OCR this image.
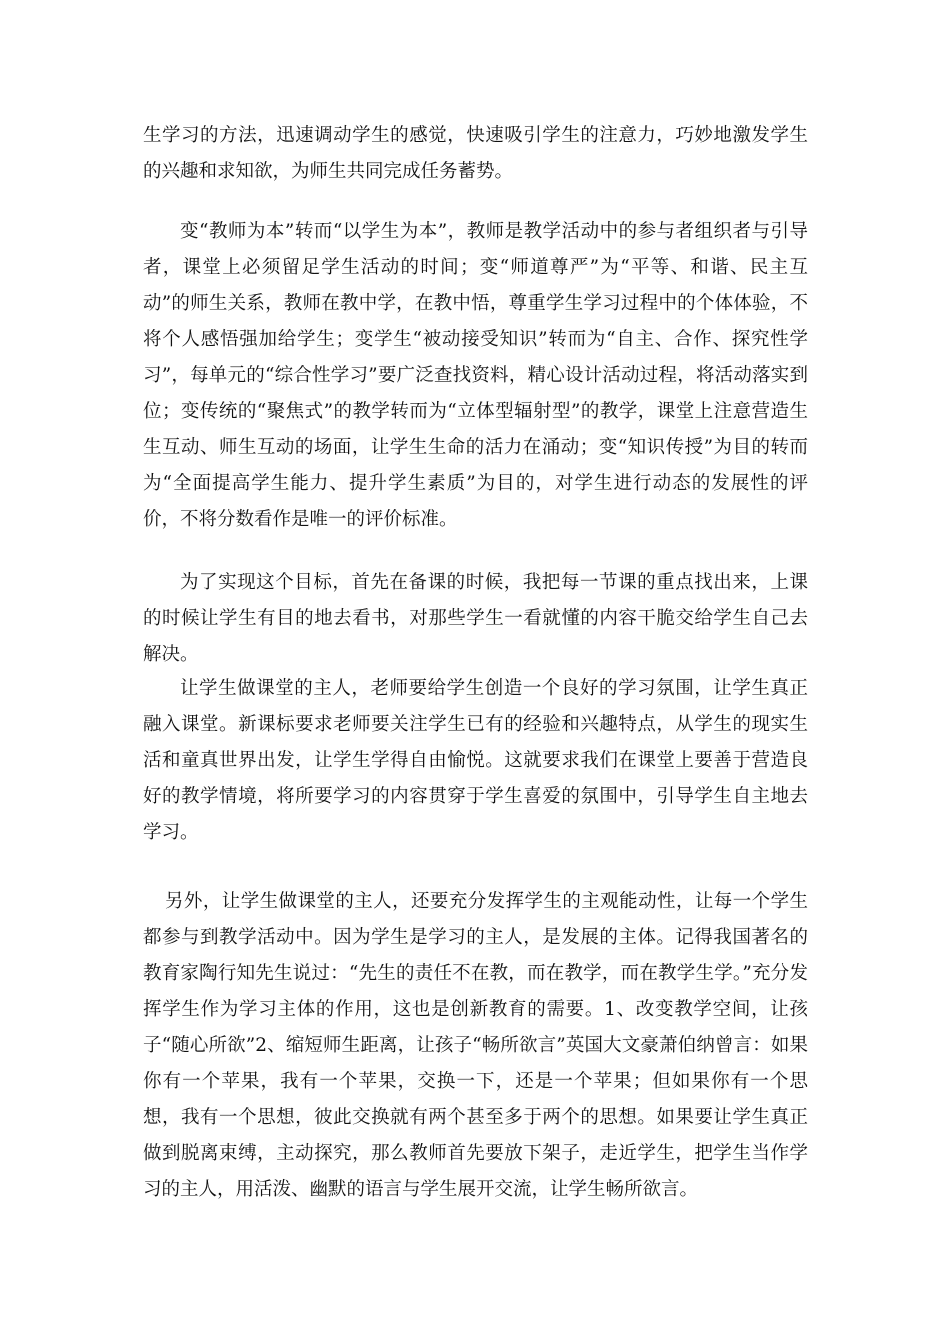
生学习的方法，迅速调动学生的感觉，快速吸引学生的注意力，巧妙地激发学生的兴趣和求知欲，为师生共同完成任务蓄势。

变“教师为本”转而“以学生为本”，教师是教学活动中的参与者组织者与引导者，课堂上必须留足学生活动的时间；变“师道尊严”为“平等、和谐、民主互动”的师生关系，教师在教中学，在教中悟，尊重学生学习过程中的个体体验，不将个人感悟强加给学生；变学生“被动接受知识”转而为“自主、合作、探究性学习”，每单元的“综合性学习”要广泛查找资料，精心设计活动过程，将活动落实到位；变传统的“聚焦式”的教学转而为“立体型辐射型”的教学，课堂上注意营造生生互动、师生互动的场面，让学生生命的活力在涌动；变“知识传授”为目的转而为“全面提高学生能力、提升学生素质”为目的，对学生进行动态的发展性的评价，不将分数看作是唯一的评价标准。

为了实现这个目标，首先在备课的时候，我把每一节课的重点找出来，上课的时候让学生有目的地去看书，对那些学生一看就懂的内容干脆交给学生自己去解决。

让学生做课堂的主人，老师要给学生创造一个良好的学习氛围，让学生真正融入课堂。新课标要求老师要关注学生已有的经验和兴趣特点，从学生的现实生活和童真世界出发，让学生学得自由愉悦。这就要求我们在课堂上要善于营造良好的教学情境，将所要学习的内容贯穿于学生喜爱的氛围中，引导学生自主地去学习。

另外，让学生做课堂的主人，还要充分发挥学生的主观能动性，让每一个学生都参与到教学活动中。因为学生是学习的主人，是发展的主体。记得我国著名的教育家陶行知先生说过：“先生的责任不在教，而在教学，而在教学生学。”充分发挥学生作为学习主体的作用，这也是创新教育的需要。1、改变教学空间，让孩子“随心所欲”2、缩短师生距离，让孩子“畅所欲言”英国大文豪萧伯纳曾言：如果你有一个苹果，我有一个苹果，交换一下，还是一个苹果；但如果你有一个思想，我有一个思想，彼此交换就有两个甚至多于两个的思想。如果要让学生真正做到脱离束缚，主动探究，那么教师首先要放下架子，走近学生，把学生当作学习的主人，用活泼、幽默的语言与学生展开交流，让学生畅所欲言。
